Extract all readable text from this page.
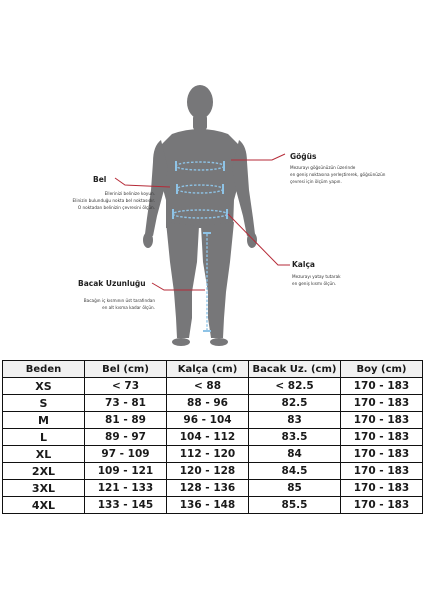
Göğüs
Mezurayı göğsünüzün üzerinde
en geniş noktasına yerleştirerek, göğsünüzün
çevresi için ölçüm yapın.
Bel
Ellerinizi belinize koyun.
Elinizin bulunduğu nokta bel noktasıdır.
O noktadan belinizin çevresini ölçün.
Kalça
Mezurayı yatay tutarak
en geniş kısmı ölçün.
Bacak Uzunluğu
Bacağın iç kısmının üst tarafından
en alt kısma kadar ölçün.
Beden	Bel (cm)	Kalça (cm)	Bacak Uz. (cm)	Boy (cm)
XS	< 73	< 88	< 82.5	170 - 183
S	73 - 81	88 - 96	82.5	170 - 183
M	81 - 89	96 - 104	83	170 - 183
L	89 - 97	104 - 112	83.5	170 - 183
XL	97 - 109	112 - 120	84	170 - 183
2XL	109 - 121	120 - 128	84.5	170 - 183
3XL	121 - 133	128 - 136	85	170 - 183
4XL	133 - 145	136 - 148	85.5	170 - 183
